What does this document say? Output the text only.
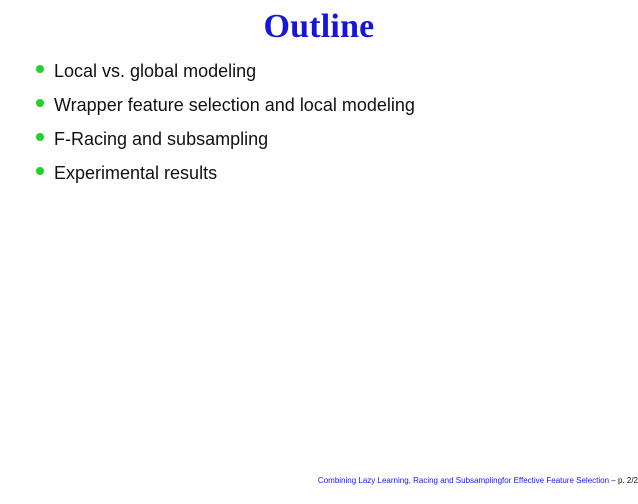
Outline
Local vs. global modeling
Wrapper feature selection and local modeling
F-Racing and subsampling
Experimental results
Combining Lazy Learning, Racing and Subsamplingfor Effective Feature Selection – p. 2/2
